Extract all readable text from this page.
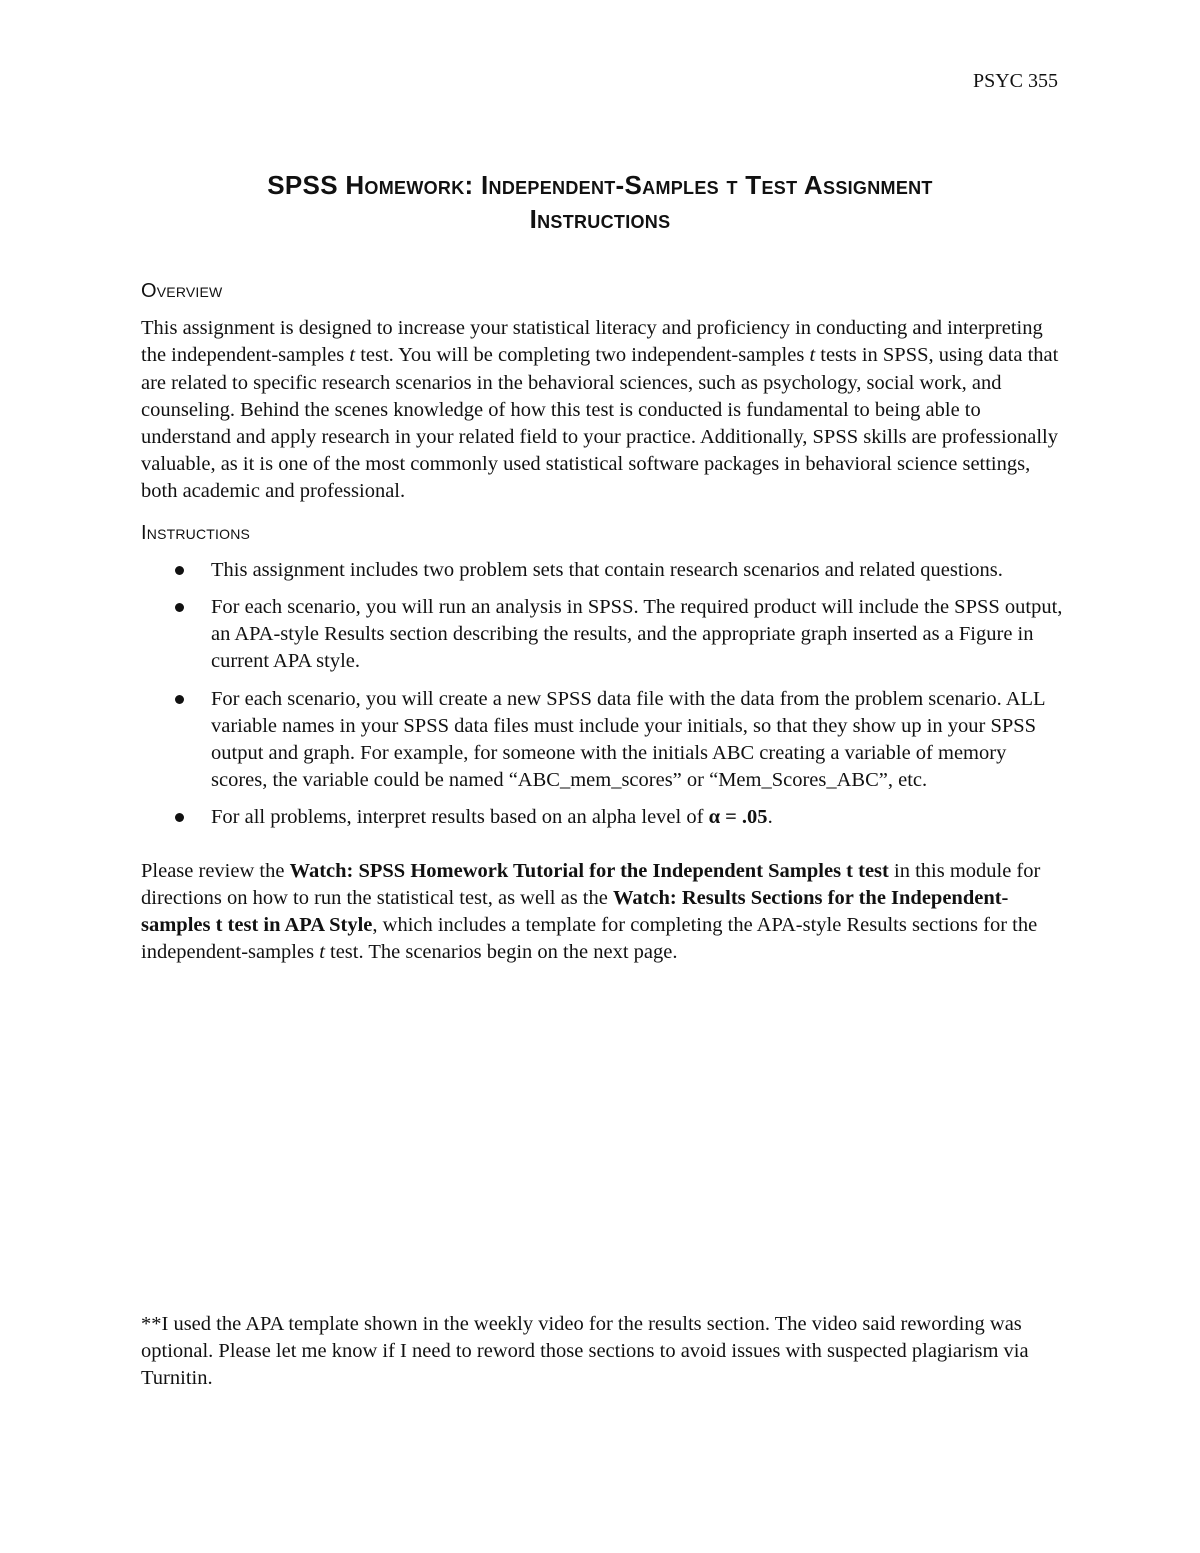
PSYC 355
SPSS Homework: Independent-Samples t Test Assignment
Instructions
Overview

This assignment is designed to increase your statistical literacy and proficiency in conducting and interpreting the independent-samples t test. You will be completing two independent-samples t tests in SPSS, using data that are related to specific research scenarios in the behavioral sciences, such as psychology, social work, and counseling. Behind the scenes knowledge of how this test is conducted is fundamental to being able to understand and apply research in your related field to your practice. Additionally, SPSS skills are professionally valuable, as it is one of the most commonly used statistical software packages in behavioral science settings, both academic and professional.

Instructions
This assignment includes two problem sets that contain research scenarios and related questions.
For each scenario, you will run an analysis in SPSS. The required product will include the SPSS output, an APA-style Results section describing the results, and the appropriate graph inserted as a Figure in current APA style.
For each scenario, you will create a new SPSS data file with the data from the problem scenario. ALL variable names in your SPSS data files must include your initials, so that they show up in your SPSS output and graph. For example, for someone with the initials ABC creating a variable of memory scores, the variable could be named “ABC_mem_scores” or “Mem_Scores_ABC”, etc.
For all problems, interpret results based on an alpha level of α = .05.

Please review the Watch: SPSS Homework Tutorial for the Independent Samples t test in this module for directions on how to run the statistical test, as well as the Watch: Results Sections for the Independent-samples t test in APA Style, which includes a template for completing the APA-style Results sections for the independent-samples t test. The scenarios begin on the next page.

**I used the APA template shown in the weekly video for the results section. The video said rewording was optional. Please let me know if I need to reword those sections to avoid issues with suspected plagiarism via Turnitin.
